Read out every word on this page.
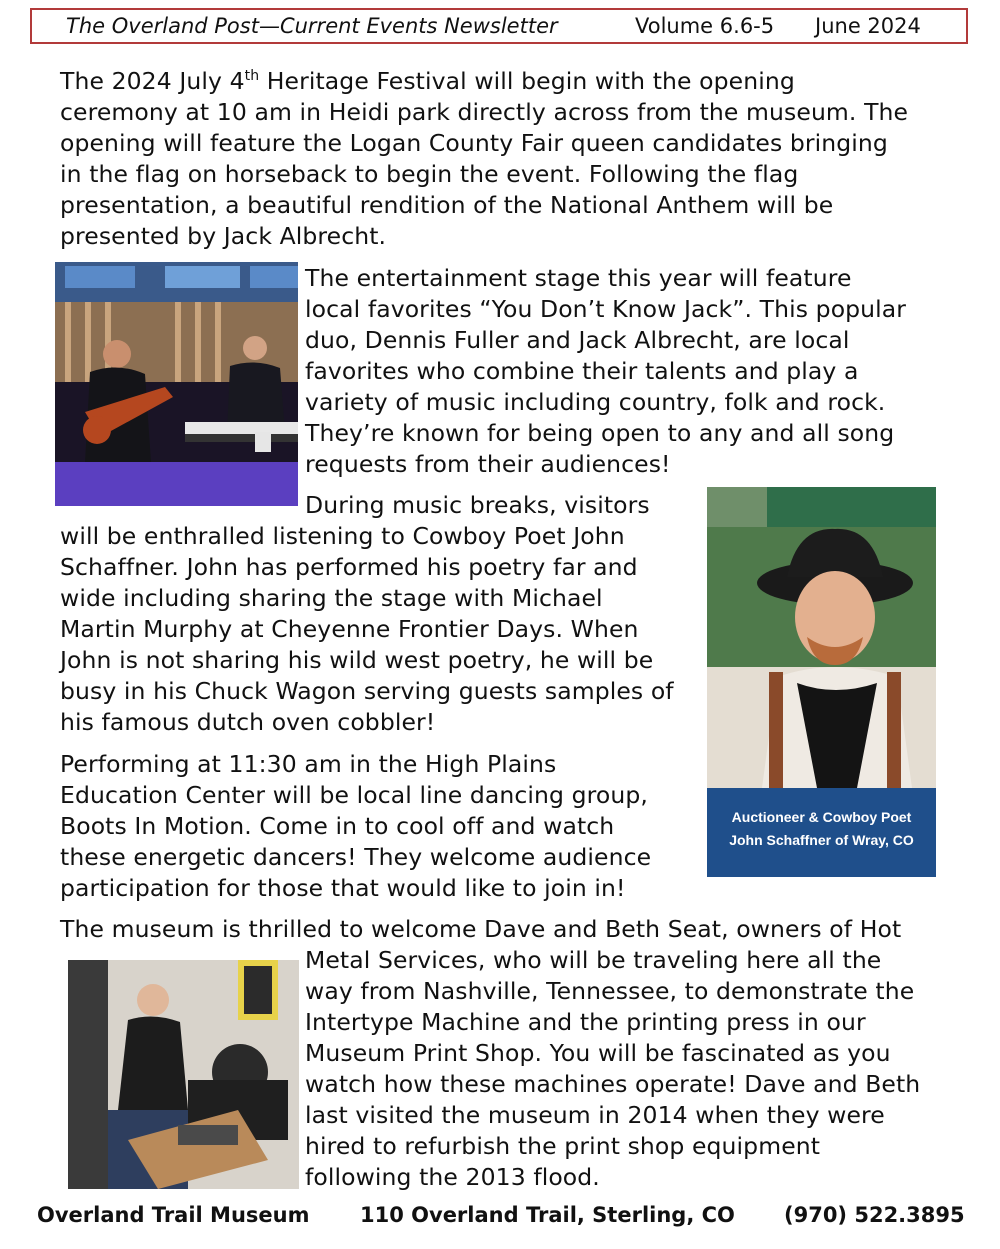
The Overland Post—Current Events Newsletter	Volume 6.6-5 June 2024
The 2024 July 4th Heritage Festival will begin with the opening
ceremony at 10 am in Heidi park directly across from the museum. The
opening will feature the Logan County Fair queen candidates bringing
in the flag on horseback to begin the event. Following the flag
presentation, a beautiful rendition of the National Anthem will be
presented by Jack Albrecht.
The entertainment stage this year will feature
local favorites “You Don’t Know Jack”. This popular
duo, Dennis Fuller and Jack Albrecht, are local
favorites who combine their talents and play a
variety of music including country, folk and rock.
They’re known for being open to any and all song
requests from their audiences!
During music breaks, visitors
will be enthralled listening to Cowboy Poet John
Schaffner. John has performed his poetry far and
wide including sharing the stage with Michael
Martin Murphy at Cheyenne Frontier Days. When
John is not sharing his wild west poetry, he will be
busy in his Chuck Wagon serving guests samples of
his famous dutch oven cobbler!
Auctioneer & Cowboy Poet
John Schaffner of Wray, CO
Performing at 11:30 am in the High Plains
Education Center will be local line dancing group,
Boots In Motion. Come in to cool off and watch
these energetic dancers! They welcome audience
participation for those that would like to join in!
The museum is thrilled to welcome Dave and Beth Seat, owners of Hot
Metal Services, who will be traveling here all the
way from Nashville, Tennessee, to demonstrate the
Intertype Machine and the printing press in our
Museum Print Shop. You will be fascinated as you
watch how these machines operate! Dave and Beth
last visited the museum in 2014 when they were
hired to refurbish the print shop equipment
following the 2013 flood.
Overland Trail Museum 110 Overland Trail, Sterling, CO (970) 522.3895
